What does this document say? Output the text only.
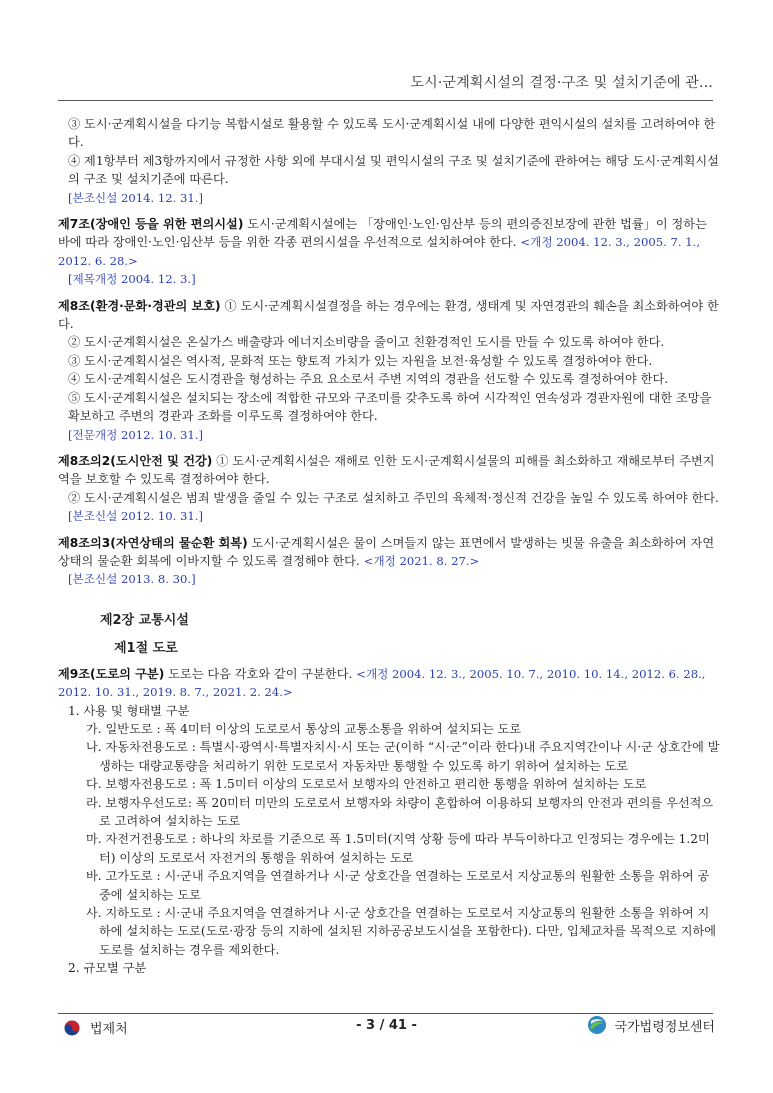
도시·군계획시설의 결정·구조 및 설치기준에 관...

③ 도시·군계획시설을 다기능 복합시설로 활용할 수 있도록 도시·군계획시설 내에 다양한 편익시설의 설치를 고려하여야 한다.

④ 제1항부터 제3항까지에서 규정한 사항 외에 부대시설 및 편익시설의 구조 및 설치기준에 관하여는 해당 도시·군계획시설의 구조 및 설치기준에 따른다.

[본조신설 2014. 12. 31.]

제7조(장애인 등을 위한 편의시설) 도시·군계획시설에는 「장애인·노인·임산부 등의 편의증진보장에 관한 법률」이 정하는 바에 따라 장애인·노인·임산부 등을 위한 각종 편의시설을 우선적으로 설치하여야 한다. <개정 2004. 12. 3., 2005. 7. 1., 2012. 6. 28.>

[제목개정 2004. 12. 3.]

제8조(환경·문화·경관의 보호) ① 도시·군계획시설결정을 하는 경우에는 환경, 생태계 및 자연경관의 훼손을 최소화하여야 한다.

② 도시·군계획시설은 온실가스 배출량과 에너지소비량을 줄이고 친환경적인 도시를 만들 수 있도록 하여야 한다.

③ 도시·군계획시설은 역사적, 문화적 또는 향토적 가치가 있는 자원을 보전·육성할 수 있도록 결정하여야 한다.

④ 도시·군계획시설은 도시경관을 형성하는 주요 요소로서 주변 지역의 경관을 선도할 수 있도록 결정하여야 한다.

⑤ 도시·군계획시설은 설치되는 장소에 적합한 규모와 구조미를 갖추도록 하여 시각적인 연속성과 경관자원에 대한 조망을 확보하고 주변의 경관과 조화를 이루도록 결정하여야 한다.

[전문개정 2012. 10. 31.]

제8조의2(도시안전 및 건강) ① 도시·군계획시설은 재해로 인한 도시·군계획시설물의 피해를 최소화하고 재해로부터 주변지역을 보호할 수 있도록 결정하여야 한다.

② 도시·군계획시설은 범죄 발생을 줄일 수 있는 구조로 설치하고 주민의 육체적·정신적 건강을 높일 수 있도록 하여야 한다.

[본조신설 2012. 10. 31.]

제8조의3(자연상태의 물순환 회복) 도시·군계획시설은 물이 스며들지 않는 표면에서 발생하는 빗물 유출을 최소화하여 자연상태의 물순환 회복에 이바지할 수 있도록 결정해야 한다. <개정 2021. 8. 27.>

[본조신설 2013. 8. 30.]

제2장 교통시설
제1절 도로

제9조(도로의 구분) 도로는 다음 각호와 같이 구분한다. <개정 2004. 12. 3., 2005. 10. 7., 2010. 10. 14., 2012. 6. 28., 2012. 10. 31., 2019. 8. 7., 2021. 2. 24.>

1. 사용 및 형태별 구분

가. 일반도로 : 폭 4미터 이상의 도로로서 통상의 교통소통을 위하여 설치되는 도로

나. 자동차전용도로 : 특별시·광역시·특별자치시·시 또는 군(이하 “시·군”이라 한다)내 주요지역간이나 시·군 상호간에 발생하는 대량교통량을 처리하기 위한 도로로서 자동차만 통행할 수 있도록 하기 위하여 설치하는 도로

다. 보행자전용도로 : 폭 1.5미터 이상의 도로로서 보행자의 안전하고 편리한 통행을 위하여 설치하는 도로

라. 보행자우선도로: 폭 20미터 미만의 도로로서 보행자와 차량이 혼합하여 이용하되 보행자의 안전과 편의를 우선적으로 고려하여 설치하는 도로

마. 자전거전용도로 : 하나의 차로를 기준으로 폭 1.5미터(지역 상황 등에 따라 부득이하다고 인정되는 경우에는 1.2미터) 이상의 도로로서 자전거의 통행을 위하여 설치하는 도로

바. 고가도로 : 시·군내 주요지역을 연결하거나 시·군 상호간을 연결하는 도로로서 지상교통의 원활한 소통을 위하여 공중에 설치하는 도로

사. 지하도로 : 시·군내 주요지역을 연결하거나 시·군 상호간을 연결하는 도로로서 지상교통의 원활한 소통을 위하여 지하에 설치하는 도로(도로·광장 등의 지하에 설치된 지하공공보도시설을 포함한다). 다만, 입체교차를 목적으로 지하에 도로를 설치하는 경우를 제외한다.

2. 규모별 구분

법제처	- 3 / 41 -	국가법령정보센터
